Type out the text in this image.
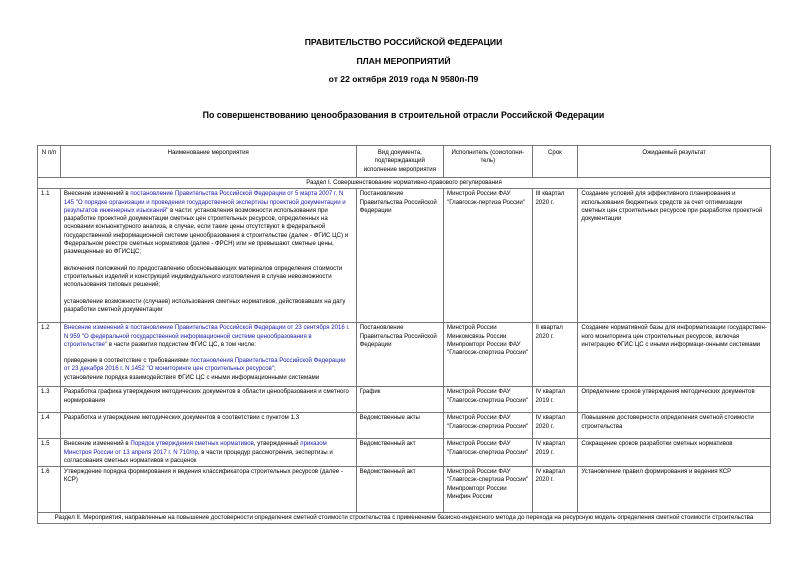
ПРАВИТЕЛЬСТВО РОССИЙСКОЙ ФЕДЕРАЦИИ
ПЛАН МЕРОПРИЯТИЙ
от 22 октября 2019 года N 9580п-П9
По совершенствованию ценообразования в строительной отрасли Российской Федерации
N п/п	Наименование мероприятия	Вид документа, подтверждающий исполнение мероприятия	Исполнитель (соисполни-тель)	Срок	Ожидаемый результат
Раздел I. Совершенствование нормативно-правового регулирования					
1.1	Внесение изменений в постановление Правительства Российской Федерации от 5 марта 2007 г. N 145 "О порядке организации и проведения государственной экспертизы проектной документации и результатов инженерных изысканий" в части: установления возможности использования при разработке проектной документации сметных цен строительных ресурсов, определенных на основании конъюнктурного анализа, в случае, если такие цены отсутствуют в федеральной государственной информационной системе ценообразования в строительстве (далее - ФГИС ЦС) и Федеральном реестре сметных нормативов (далее - ФРСН) или не превышают сметные цены, размещенные во ФГИСЦС;
включения положений по предоставлению обосновывающих материалов определения стоимости строительных изделий и конструкций индивидуального изготовления в случае невозможности использования типовых решений;
установление возможности (случаев) использования сметных нормативов, действовавших на дату разработки сметной документации	Постановление Правительства Российской Федерации	Минстрой России ФАУ "Главгосэк-пертиза России"	III квартал 2020 г.	Создание условий для эффективного планирования и использования бюджетных средств за счет оптимизации сметных цен строительных ресурсов при разработке проектной документации
1.2	Внесение изменений в постановление Правительства Российской Федерации от 23 сентября 2016 г. N 959 "О федеральной государственной информационной системе ценообразования в строительстве" в части развития подсистем ФГИС ЦС, в том числе:
приведение в соответствие с требованиями постановления Правительства Российской Федерации от 23 декабря 2016 г. N 1452 "О мониторинге цен строительных ресурсов";
установление порядка взаимодействия ФГИС ЦС с иными информационными системами	Постановление Правительства Российской Федерации	Минстрой России Минкомсвязь России Минпромторг России ФАУ "Главгосэк-спертиза России"	II квартал 2020 г.	Создание нормативной базы для информатизации государствен-ного мониторинга цен строительных ресурсов, включая интеграцию ФГИС ЦС с иными информаци-онными системами
1.3	Разработка графика утверждения методических документов в области ценообразования и сметного нормирования	График	Минстрой России ФАУ "Главгосэк-спертиза России"	IV квартал 2019 г.	Определение сроков утверждения методических документов
1.4	Разработка и утверждение методических документов в соответствии с пунктом 1.3	Ведомственные акты	Минстрой России ФАУ "Главгосэк-спертиза России"	IV квартал 2020 г.	Повышение достоверности определения сметной стоимости строительства
1.5	Внесение изменений в Порядок утверждения сметных нормативов, утвержденный приказом Минстроя России от 13 апреля 2017 г. N 710/пр, в части процедур рассмотрения, экспертизы и согласования сметных нормативов и расценок	Ведомственный акт	Минстрой России ФАУ "Главгосэк-спертиза России"	IV квартал 2019 г.	Сокращение сроков разработки сметных нормативов
1.6	Утверждение порядка формирования и ведения классификатора строительных ресурсов (далее - КСР)	Ведомственный акт	Минстрой России ФАУ "Главгосэк-спертиза России" Минпромторг России Минфин России	IV квартал 2020 г.	Установление правил формирования и ведения КСР
Раздел II. Мероприятия, направленные на повышение достоверности определения сметной стоимости строительства с применением базисно-индексного метода до перехода на ресурсную модель определения сметной стоимости строительства					
